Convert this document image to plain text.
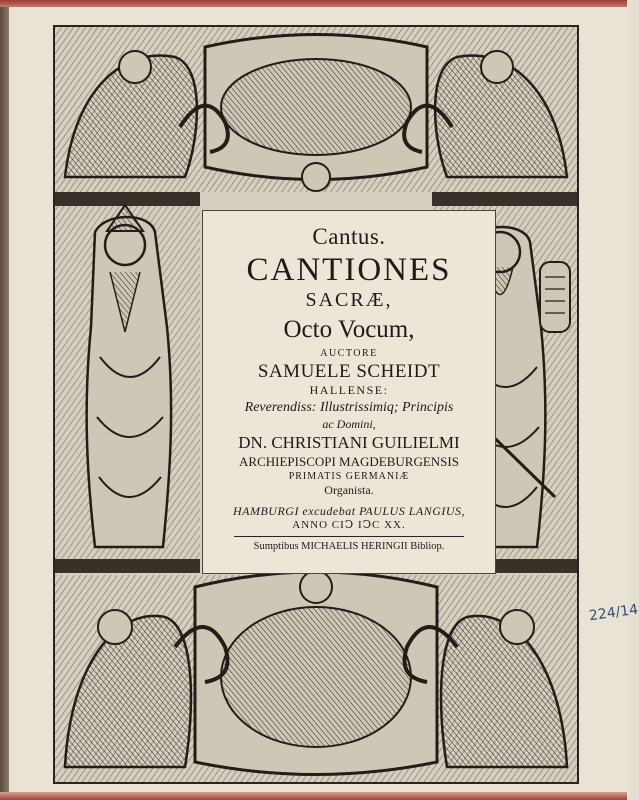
Cantus.
CANTIONES
SACRÆ,
Octo Vocum,
AUCTORE
SAMUELE SCHEIDT
HALLENSE:
Reverendiss: Illustrissimiq; Principis
ac Domini,
DN. CHRISTIANI GUILIELMI
ARCHIEPISCOPI MAGDEBURGENSIS
PRIMATIS GERMANIÆ
Organista.
HAMBURGI excudebat PAULUS LANGIUS,
ANNO CIↃ IↃC XX.
Sumptibus MICHAELIS HERINGII Bibliop.
224/14
